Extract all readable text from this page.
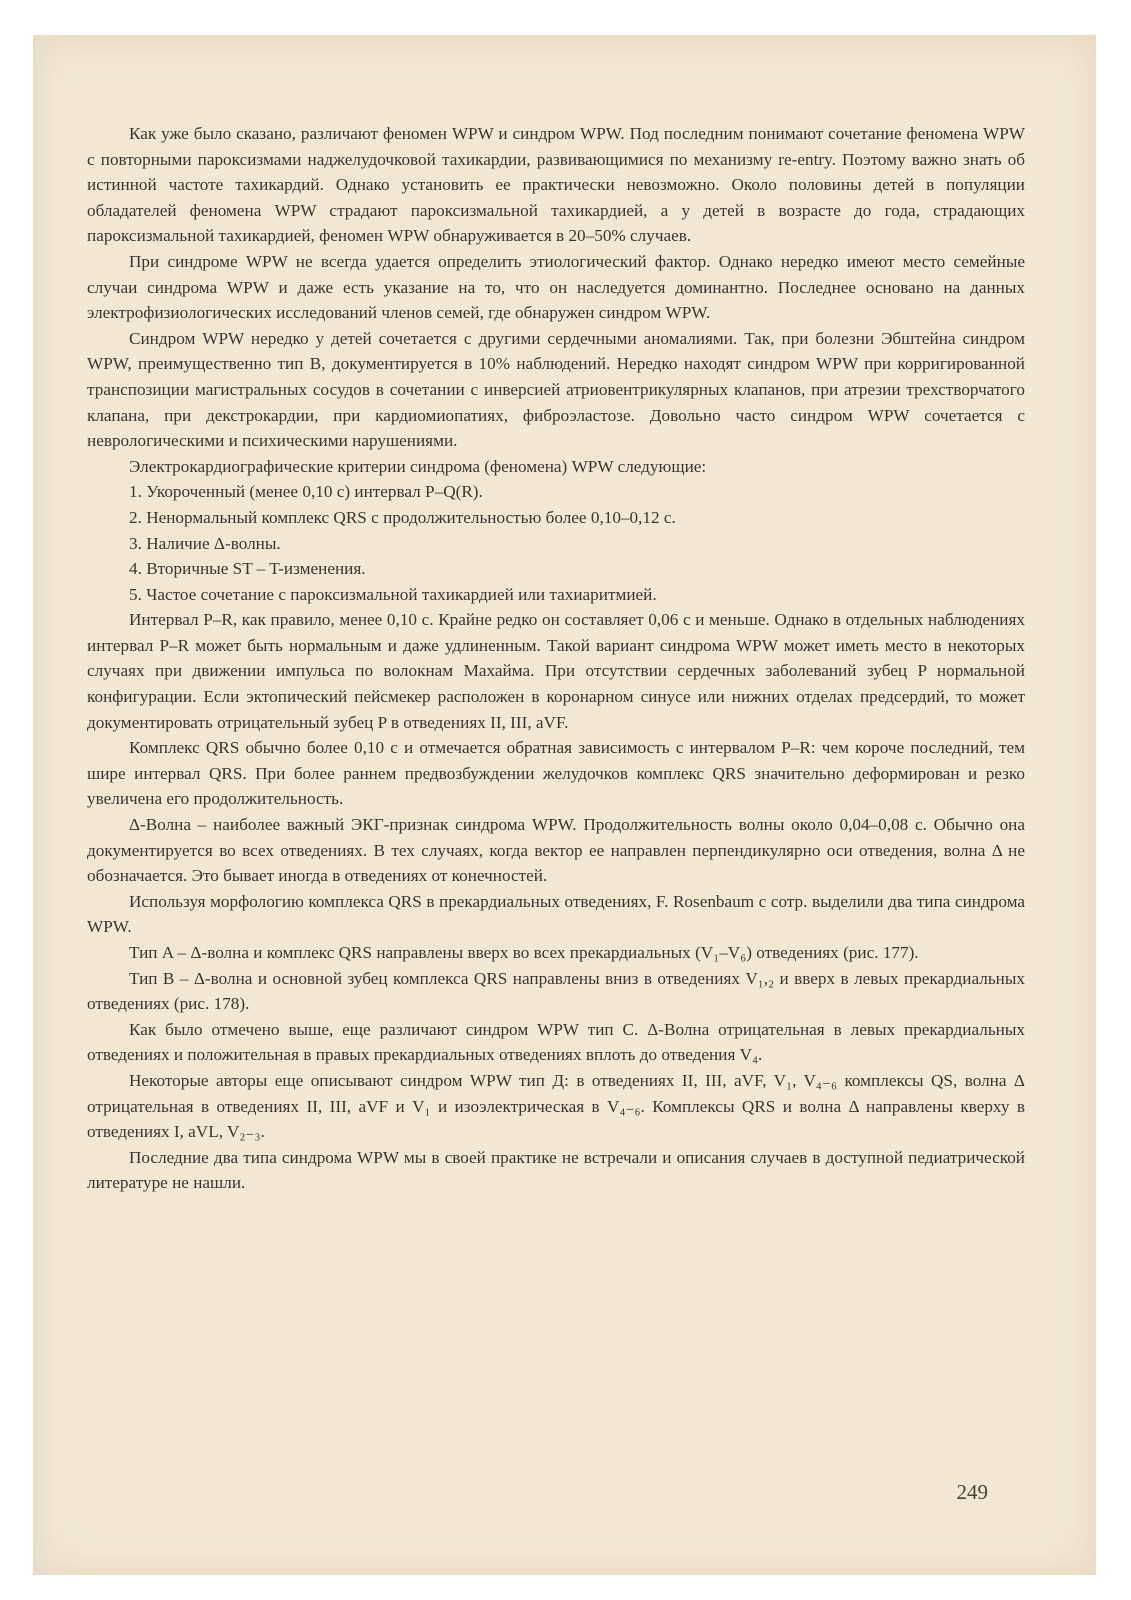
Как уже было сказано, различают феномен WPW и синдром WPW. Под последним понимают сочетание феномена WPW с повторными пароксизмами наджелудочковой тахикардии, развивающимися по механизму re-entry. Поэтому важно знать об истинной частоте тахикардий. Однако установить ее практически невозможно. Около половины детей в популяции обладателей феномена WPW страдают пароксизмальной тахикардией, а у детей в возрасте до года, страдающих пароксизмальной тахикардией, феномен WPW обнаруживается в 20–50% случаев.

При синдроме WPW не всегда удается определить этиологический фактор. Однако нередко имеют место семейные случаи синдрома WPW и даже есть указание на то, что он наследуется доминантно. Последнее основано на данных электрофизиологических исследований членов семей, где обнаружен синдром WPW.

Синдром WPW нередко у детей сочетается с другими сердечными аномалиями. Так, при болезни Эбштейна синдром WPW, преимущественно тип B, документируется в 10% наблюдений. Нередко находят синдром WPW при корригированной транспозиции магистральных сосудов в сочетании с инверсией атриовентрикулярных клапанов, при атрезии трехстворчатого клапана, при декстрокардии, при кардиомиопатиях, фиброэластозе. Довольно часто синдром WPW сочетается с неврологическими и психическими нарушениями.

Электрокардиографические критерии синдрома (феномена) WPW следующие:

1. Укороченный (менее 0,10 с) интервал P–Q(R).

2. Ненормальный комплекс QRS с продолжительностью более 0,10–0,12 с.

3. Наличие Δ-волны.

4. Вторичные ST – T-изменения.

5. Частое сочетание с пароксизмальной тахикардией или тахиаритмией.

Интервал P–R, как правило, менее 0,10 с. Крайне редко он составляет 0,06 с и меньше. Однако в отдельных наблюдениях интервал P–R может быть нормальным и даже удлиненным. Такой вариант синдрома WPW может иметь место в некоторых случаях при движении импульса по волокнам Махайма. При отсутствии сердечных заболеваний зубец P нормальной конфигурации. Если эктопический пейсмекер расположен в коронарном синусе или нижних отделах предсердий, то может документировать отрицательный зубец P в отведениях II, III, aVF.

Комплекс QRS обычно более 0,10 с и отмечается обратная зависимость с интервалом P–R: чем короче последний, тем шире интервал QRS. При более раннем предвозбуждении желудочков комплекс QRS значительно деформирован и резко увеличена его продолжительность.

Δ-Волна – наиболее важный ЭКГ-признак синдрома WPW. Продолжительность волны около 0,04–0,08 с. Обычно она документируется во всех отведениях. В тех случаях, когда вектор ее направлен перпендикулярно оси отведения, волна Δ не обозначается. Это бывает иногда в отведениях от конечностей.

Используя морфологию комплекса QRS в прекардиальных отведениях, F. Rosenbaum с сотр. выделили два типа синдрома WPW.

Тип A – Δ-волна и комплекс QRS направлены вверх во всех прекардиальных (V₁–V₆) отведениях (рис. 177).

Тип B – Δ-волна и основной зубец комплекса QRS направлены вниз в отведениях V₁,₂ и вверх в левых прекардиальных отведениях (рис. 178).

Как было отмечено выше, еще различают синдром WPW тип C. Δ-Волна отрицательная в левых прекардиальных отведениях и положительная в правых прекардиальных отведениях вплоть до отведения V₄.

Некоторые авторы еще описывают синдром WPW тип Д: в отведениях II, III, aVF, V₁, V₄₋₆ комплексы QS, волна Δ отрицательная в отведениях II, III, aVF и V₁ и изоэлектрическая в V₄₋₆. Комплексы QRS и волна Δ направлены кверху в отведениях I, aVL, V₂₋₃.

Последние два типа синдрома WPW мы в своей практике не встречали и описания случаев в доступной педиатрической литературе не нашли.

249
